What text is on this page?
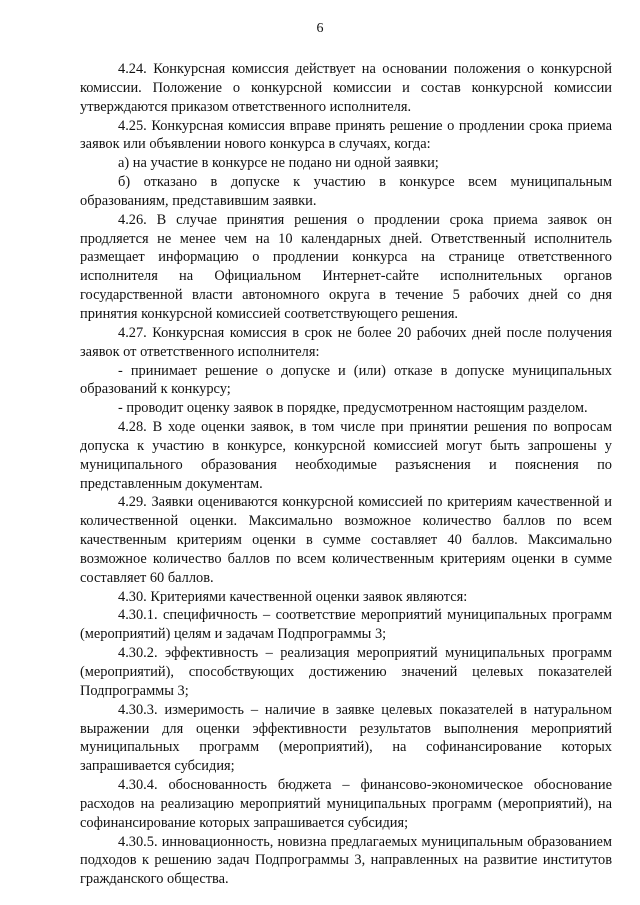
6

4.24. Конкурсная комиссия действует на основании положения о конкурсной комиссии. Положение о конкурсной комиссии и состав конкурсной комиссии утверждаются приказом ответственного исполнителя.

4.25. Конкурсная комиссия вправе принять решение о продлении срока приема заявок или объявлении нового конкурса в случаях, когда:

а) на участие в конкурсе не подано ни одной заявки;

б) отказано в допуске к участию в конкурсе всем муниципальным образованиям, представившим заявки.

4.26. В случае принятия решения о продлении срока приема заявок он продляется не менее чем на 10 календарных дней. Ответственный исполнитель размещает информацию о продлении конкурса на странице ответственного исполнителя на Официальном Интернет-сайте исполнительных органов государственной власти автономного округа в течение 5 рабочих дней со дня принятия конкурсной комиссией соответствующего решения.

4.27. Конкурсная комиссия в срок не более 20 рабочих дней после получения заявок от ответственного исполнителя:

- принимает решение о допуске и (или) отказе в допуске муниципальных образований к конкурсу;

- проводит оценку заявок в порядке, предусмотренном настоящим разделом.

4.28. В ходе оценки заявок, в том числе при принятии решения по вопросам допуска к участию в конкурсе, конкурсной комиссией могут быть запрошены у муниципального образования необходимые разъяснения и пояснения по представленным документам.

4.29. Заявки оцениваются конкурсной комиссией по критериям качественной и количественной оценки. Максимально возможное количество баллов по всем качественным критериям оценки в сумме составляет 40 баллов. Максимально возможное количество баллов по всем количественным критериям оценки в сумме составляет 60 баллов.

4.30. Критериями качественной оценки заявок являются:

4.30.1. специфичность – соответствие мероприятий муниципальных программ (мероприятий) целям и задачам Подпрограммы 3;

4.30.2. эффективность – реализация мероприятий муниципальных программ (мероприятий), способствующих достижению значений целевых показателей Подпрограммы 3;

4.30.3. измеримость – наличие в заявке целевых показателей в натуральном выражении для оценки эффективности результатов выполнения мероприятий муниципальных программ (мероприятий), на софинансирование которых запрашивается субсидия;

4.30.4. обоснованность бюджета – финансово-экономическое обоснование расходов на реализацию мероприятий муниципальных программ (мероприятий), на софинансирование которых запрашивается субсидия;

4.30.5. инновационность, новизна предлагаемых муниципальным образованием подходов к решению задач Подпрограммы 3, направленных на развитие институтов гражданского общества.
